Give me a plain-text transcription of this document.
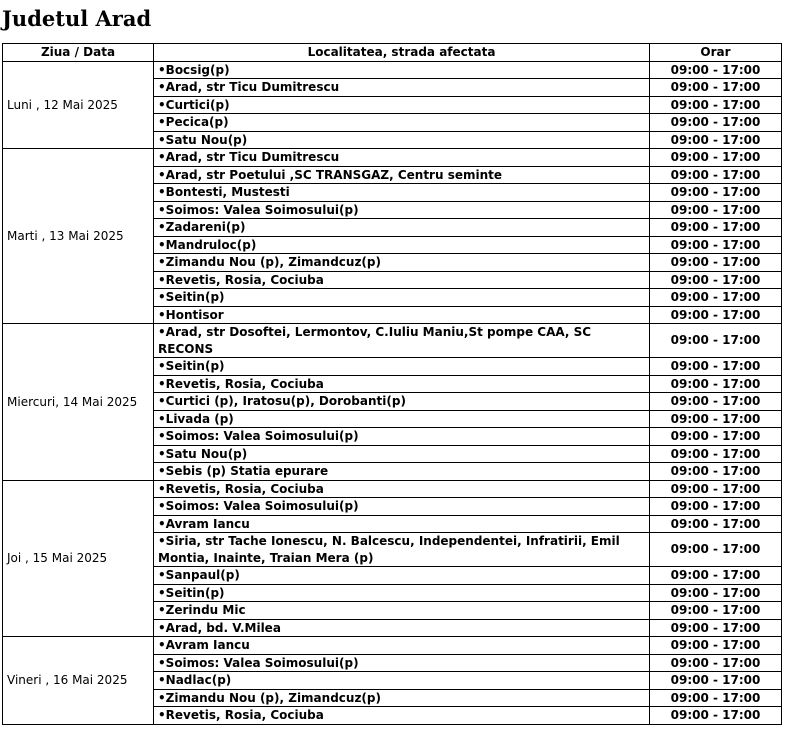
Judetul Arad
Ziua / Data	Localitatea, strada afectata	Orar
Luni , 12 Mai 2025	•Bocsig(p)	09:00 - 17:00
	•Arad, str Ticu Dumitrescu	09:00 - 17:00
	•Curtici(p)	09:00 - 17:00
	•Pecica(p)	09:00 - 17:00
	•Satu Nou(p)	09:00 - 17:00
Marti , 13 Mai 2025	•Arad, str Ticu Dumitrescu	09:00 - 17:00
	•Arad, str Poetului ,SC TRANSGAZ, Centru seminte	09:00 - 17:00
	•Bontesti, Mustesti	09:00 - 17:00
	•Soimos: Valea Soimosului(p)	09:00 - 17:00
	•Zadareni(p)	09:00 - 17:00
	•Mandruloc(p)	09:00 - 17:00
	•Zimandu Nou (p), Zimandcuz(p)	09:00 - 17:00
	•Revetis, Rosia, Cociuba	09:00 - 17:00
	•Seitin(p)	09:00 - 17:00
	•Hontisor	09:00 - 17:00
Miercuri, 14 Mai 2025	•Arad, str Dosoftei, Lermontov, C.Iuliu Maniu,St pompe CAA, SC RECONS	09:00 - 17:00
	•Seitin(p)	09:00 - 17:00
	•Revetis, Rosia, Cociuba	09:00 - 17:00
	•Curtici (p), Iratosu(p), Dorobanti(p)	09:00 - 17:00
	•Livada (p)	09:00 - 17:00
	•Soimos: Valea Soimosului(p)	09:00 - 17:00
	•Satu Nou(p)	09:00 - 17:00
	•Sebis (p) Statia epurare	09:00 - 17:00
Joi , 15 Mai 2025	•Revetis, Rosia, Cociuba	09:00 - 17:00
	•Soimos: Valea Soimosului(p)	09:00 - 17:00
	•Avram Iancu	09:00 - 17:00
	•Siria, str Tache Ionescu, N. Balcescu, Independentei, Infratirii, Emil Montia, Inainte, Traian Mera (p)	09:00 - 17:00
	•Sanpaul(p)	09:00 - 17:00
	•Seitin(p)	09:00 - 17:00
	•Zerindu Mic	09:00 - 17:00
	•Arad, bd. V.Milea	09:00 - 17:00
Vineri , 16 Mai 2025	•Avram Iancu	09:00 - 17:00
	•Soimos: Valea Soimosului(p)	09:00 - 17:00
	•Nadlac(p)	09:00 - 17:00
	•Zimandu Nou (p), Zimandcuz(p)	09:00 - 17:00
	•Revetis, Rosia, Cociuba	09:00 - 17:00
